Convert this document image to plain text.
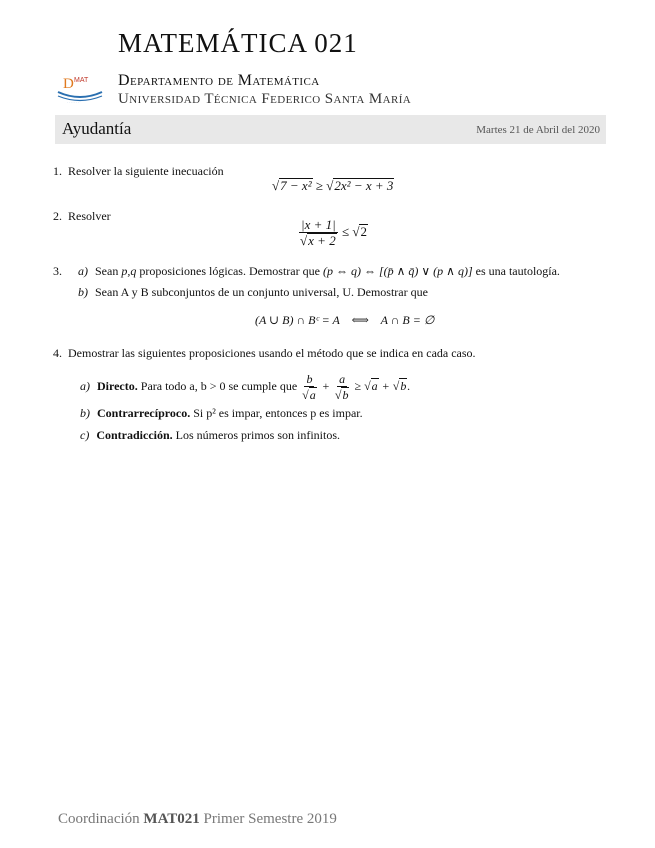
MATEMÁTICA 021
D MAT
· · · · · · ·
Departamento de Matemática
Universidad Técnica Federico Santa María
Ayudantía	Martes 21 de Abril del 2020
1. Resolver la siguiente inecuación
√7 − x² ≥ √2x² − x + 3
2. Resolver
$\frac{|x + 1|}{√x + 2} \le √2$
3. a) Sean p,q proposiciones lógicas. Demostrar que (p ⇔ q) ⇔ [(p̄ ∧ q̄) ∨ (p ∧ q)] es una tautología.
b) Sean A y B subconjuntos de un conjunto universal, U. Demostrar que
(A ∪ B) ∩ Bᶜ = A    ⟺    A ∩ B = ∅
4. Demostrar las siguientes proposiciones usando el método que se indica en cada caso.
a) Directo. Para todo a, b > 0 se cumple que $\frac{b}{√a} + \frac{a}{√b} \ge √a + √b$.
b) Contrarrecíproco. Si p² es impar, entonces p es impar.
c) Contradicción. Los números primos son infinitos.
Coordinación MAT021 Primer Semestre 2019
